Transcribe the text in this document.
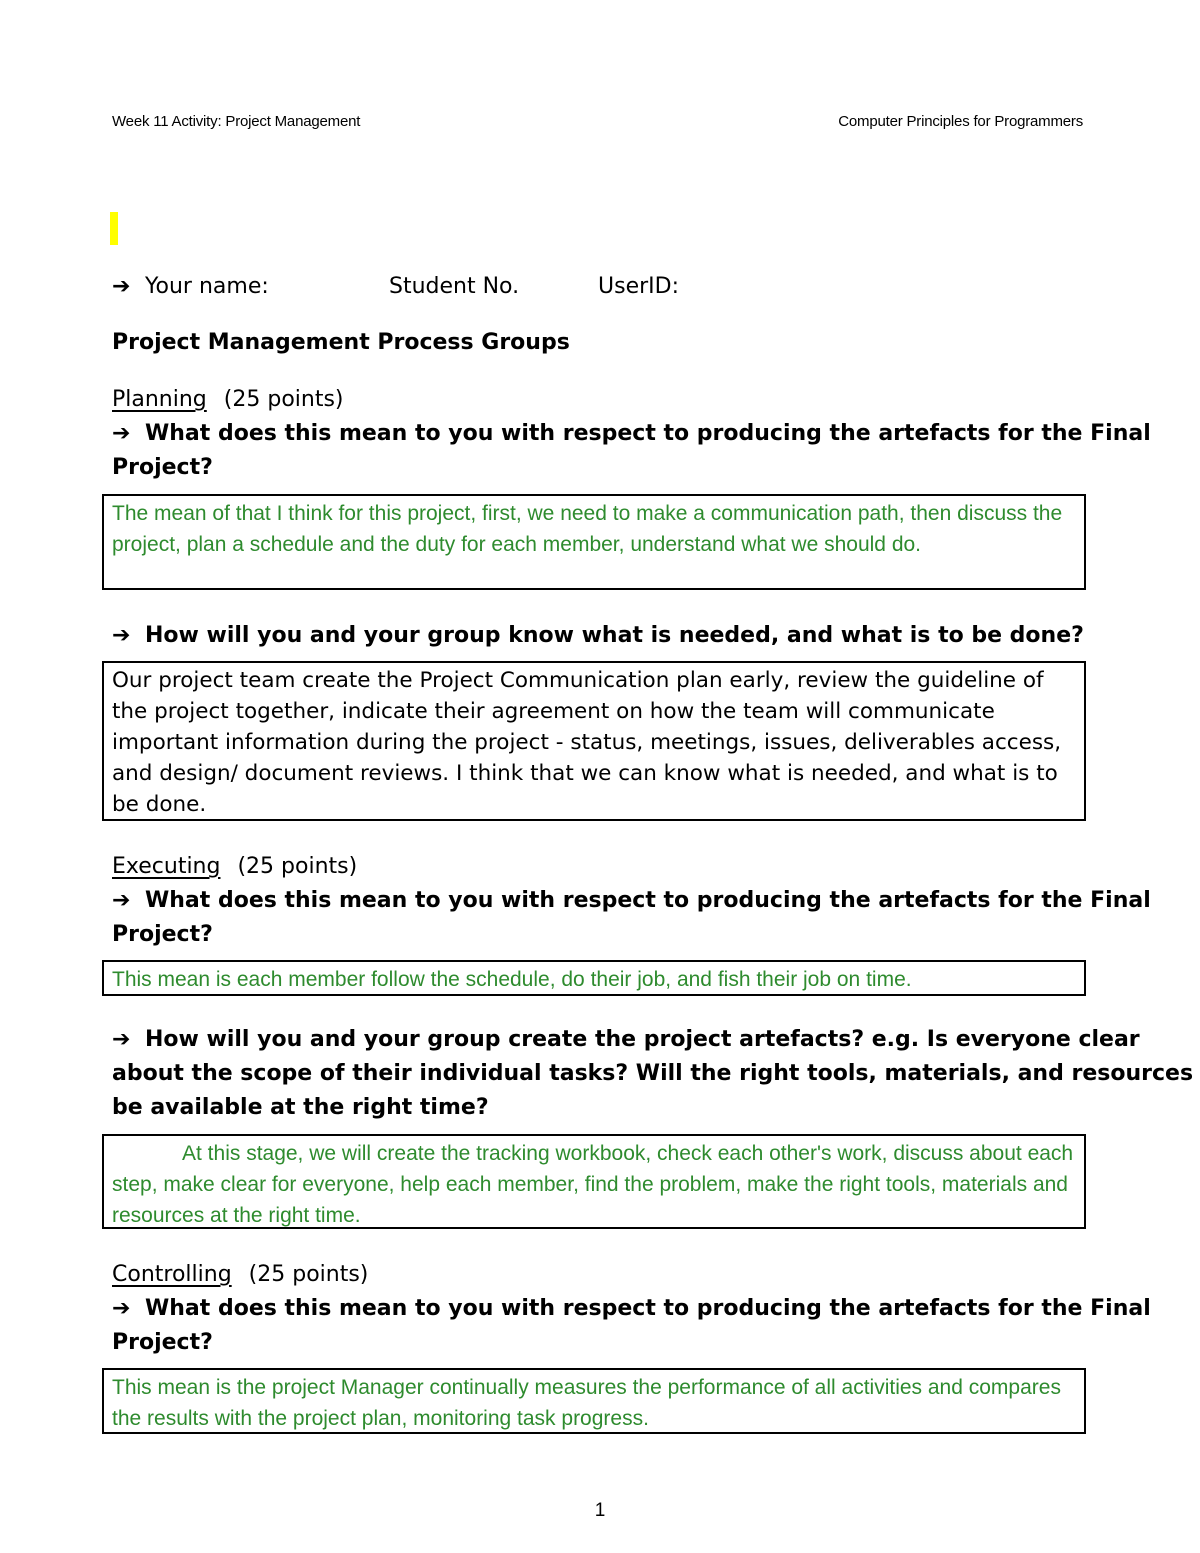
Week 11 Activity: Project Management	Computer Principles for Programmers
➔ Your name:	Student No.	UserID:
Project Management Process Groups
Planning (25 points)
➔ What does this mean to you with respect to producing the artefacts for the Final
Project?
The mean of that I think for this project, first, we need to make a communication path, then discuss the project, plan a schedule and the duty for each member, understand what we should do.
➔ How will you and your group know what is needed, and what is to be done?
Our project team create the Project Communication plan early, review the guideline of the project together, indicate their agreement on how the team will communicate important information during the project - status, meetings, issues, deliverables access, and design/ document reviews. I think that we can know what is needed, and what is to be done.
Executing (25 points)
➔ What does this mean to you with respect to producing the artefacts for the Final
Project?
This mean is each member follow the schedule, do their job, and fish their job on time.
➔ How will you and your group create the project artefacts? e.g. Is everyone clear
about the scope of their individual tasks? Will the right tools, materials, and resources
be available at the right time?
At this stage, we will create the tracking workbook, check each other's work, discuss about each step, make clear for everyone, help each member, find the problem, make the right tools, materials and resources at the right time.
Controlling (25 points)
➔ What does this mean to you with respect to producing the artefacts for the Final
Project?
This mean is the project Manager continually measures the performance of all activities and compares the results with the project plan, monitoring task progress.
1
